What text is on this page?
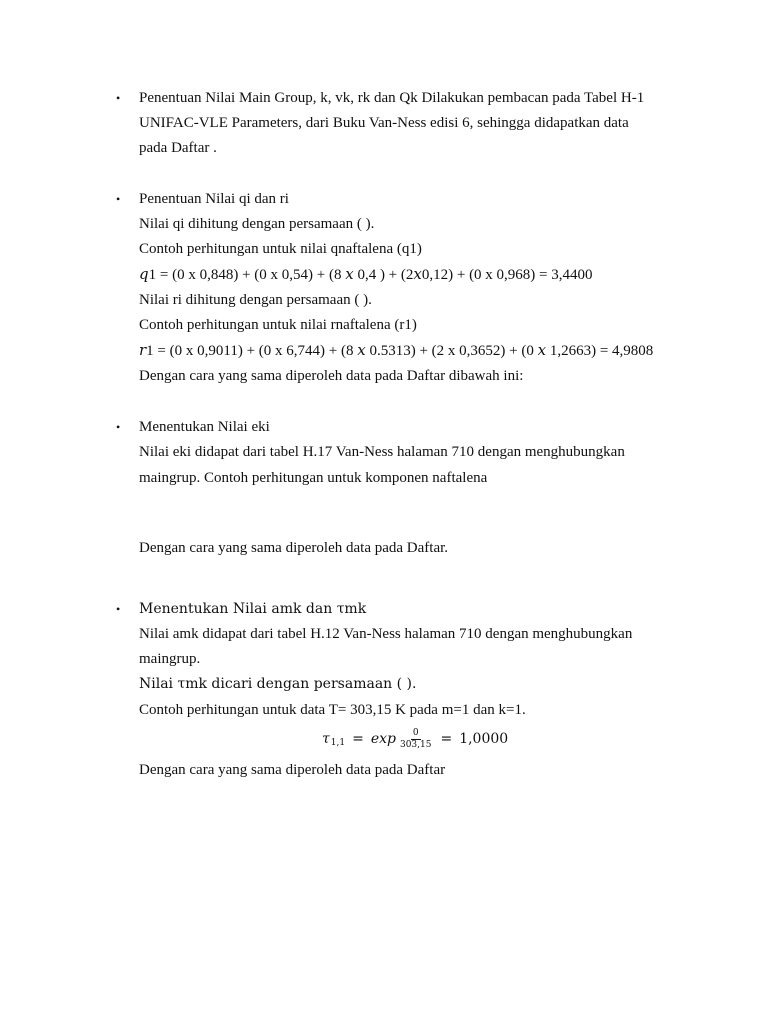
• Penentuan Nilai Main Group, k, vk, rk dan Qk Dilakukan pembacan pada Tabel H-1
UNIFAC-VLE Parameters, dari Buku Van-Ness edisi 6, sehingga didapatkan data
pada Daftar .
• Penentuan Nilai qi dan ri
Nilai qi dihitung dengan persamaan ( ).
Contoh perhitungan untuk nilai qnaftalena (q1)
q1 = (0 x 0,848) + (0 x 0,54) + (8 x 0,4 ) + (2x0,12) + (0 x 0,968) = 3,4400
Nilai ri dihitung dengan persamaan ( ).
Contoh perhitungan untuk nilai rnaftalena (r1)
r1 = (0 x 0,9011) + (0 x 6,744) + (8 x 0.5313) + (2 x 0,3652) + (0 x 1,2663) = 4,9808
Dengan cara yang sama diperoleh data pada Daftar dibawah ini:
• Menentukan Nilai eki
Nilai eki didapat dari tabel H.17 Van-Ness halaman 710 dengan menghubungkan
maingrup. Contoh perhitungan untuk komponen naftalena
Dengan cara yang sama diperoleh data pada Daftar.
• Menentukan Nilai amk dan τmk
Nilai amk didapat dari tabel H.12 Van-Ness halaman 710 dengan menghubungkan
maingrup.
Nilai τmk dicari dengan persamaan ( ).
Contoh perhitungan untuk data T= 303,15 K pada m=1 dan k=1.
τ $1,1 = \exp \frac{0}{303,15} = 1,0000$
Dengan cara yang sama diperoleh data pada Daftar
